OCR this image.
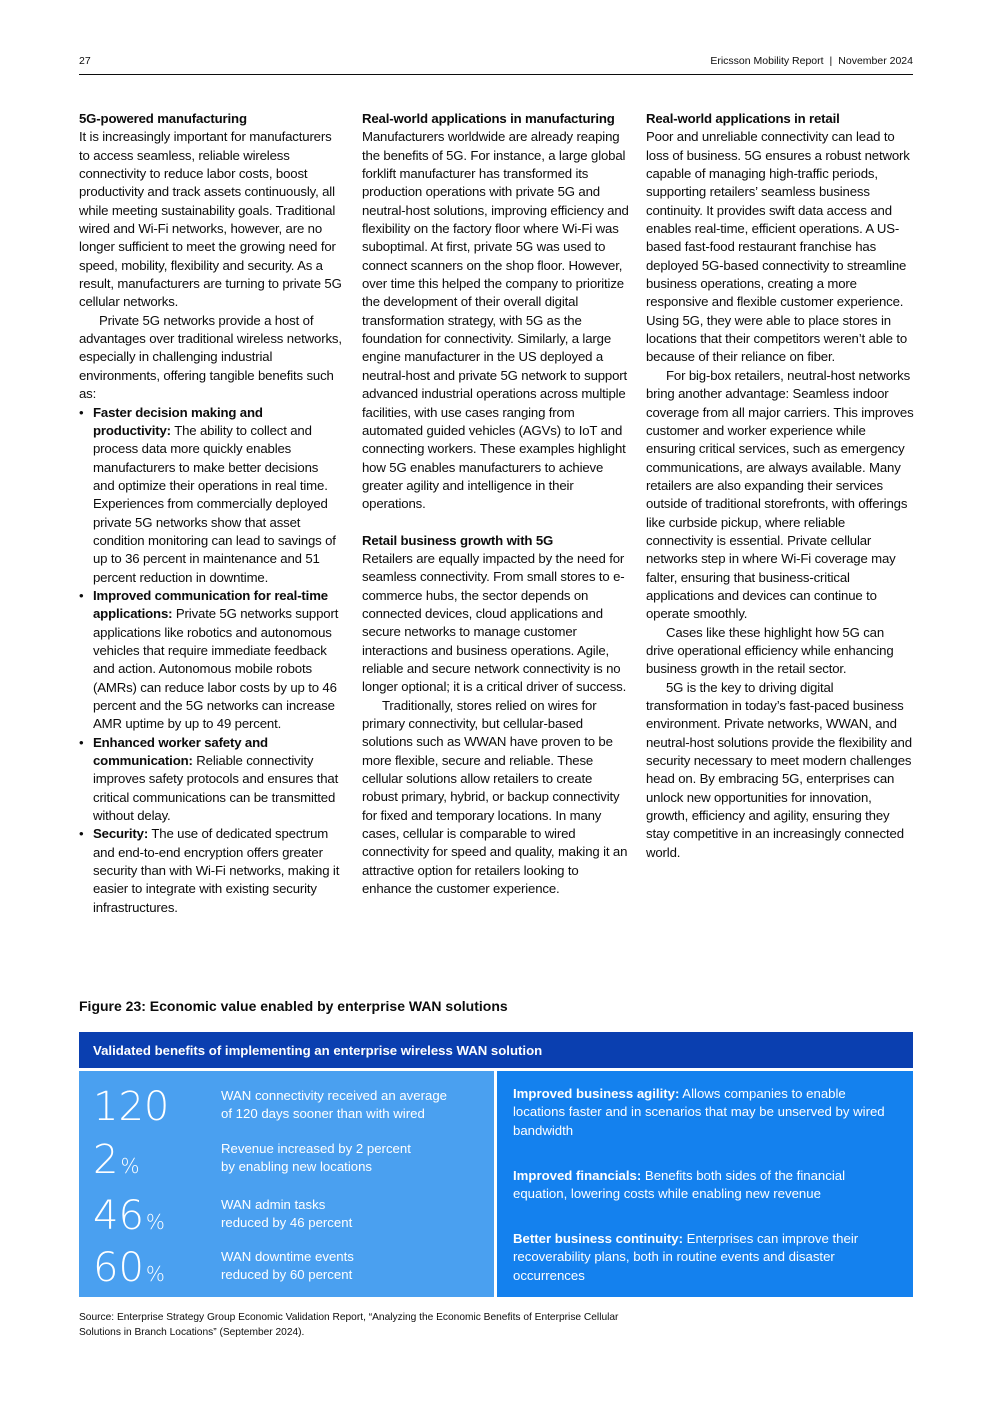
27	Ericsson Mobility Report | November 2024
5G-powered manufacturing

It is increasingly important for manufacturers to access seamless, reliable wireless connectivity to reduce labor costs, boost productivity and track assets continuously, all while meeting sustainability goals. Traditional wired and Wi-Fi networks, however, are no longer sufficient to meet the growing need for speed, mobility, flexibility and security. As a result, manufacturers are turning to private 5G cellular networks.

Private 5G networks provide a host of advantages over traditional wireless networks, especially in challenging industrial environments, offering tangible benefits such as:

• Faster decision making and productivity: The ability to collect and process data more quickly enables manufacturers to make better decisions and optimize their operations in real time. Experiences from commercially deployed private 5G networks show that asset condition monitoring can lead to savings of up to 36 percent in maintenance and 51 percent reduction in downtime.
• Improved communication for real-time applications: Private 5G networks support applications like robotics and autonomous vehicles that require immediate feedback and action. Autonomous mobile robots (AMRs) can reduce labor costs by up to 46 percent and the 5G networks can increase AMR uptime by up to 49 percent.
• Enhanced worker safety and communication: Reliable connectivity improves safety protocols and ensures that critical communications can be transmitted without delay.
• Security: The use of dedicated spectrum and end-to-end encryption offers greater security than with Wi-Fi networks, making it easier to integrate with existing security infrastructures.
Real-world applications in manufacturing

Manufacturers worldwide are already reaping the benefits of 5G. For instance, a large global forklift manufacturer has transformed its production operations with private 5G and neutral-host solutions, improving efficiency and flexibility on the factory floor where Wi-Fi was suboptimal. At first, private 5G was used to connect scanners on the shop floor. However, over time this helped the company to prioritize the development of their overall digital transformation strategy, with 5G as the foundation for connectivity. Similarly, a large engine manufacturer in the US deployed a neutral-host and private 5G network to support advanced industrial operations across multiple facilities, with use cases ranging from automated guided vehicles (AGVs) to IoT and connecting workers. These examples highlight how 5G enables manufacturers to achieve greater agility and intelligence in their operations.

Retail business growth with 5G

Retailers are equally impacted by the need for seamless connectivity. From small stores to e-commerce hubs, the sector depends on connected devices, cloud applications and secure networks to manage customer interactions and business operations. Agile, reliable and secure network connectivity is no longer optional; it is a critical driver of success.

Traditionally, stores relied on wires for primary connectivity, but cellular-based solutions such as WWAN have proven to be more flexible, secure and reliable. These cellular solutions allow retailers to create robust primary, hybrid, or backup connectivity for fixed and temporary locations. In many cases, cellular is comparable to wired connectivity for speed and quality, making it an attractive option for retailers looking to enhance the customer experience.

Real-world applications in retail

Poor and unreliable connectivity can lead to loss of business. 5G ensures a robust network capable of managing high-traffic periods, supporting retailers’ seamless business continuity. It provides swift data access and enables real-time, efficient operations. A US-based fast-food restaurant franchise has deployed 5G-based connectivity to streamline business operations, creating a more responsive and flexible customer experience. Using 5G, they were able to place stores in locations that their competitors weren’t able to because of their reliance on fiber.

For big-box retailers, neutral-host networks bring another advantage: Seamless indoor coverage from all major carriers. This improves customer and worker experience while ensuring critical services, such as emergency communications, are always available. Many retailers are also expanding their services outside of traditional storefronts, with offerings like curbside pickup, where reliable connectivity is essential. Private cellular networks step in where Wi-Fi coverage may falter, ensuring that business-critical applications and devices can continue to operate smoothly.

Cases like these highlight how 5G can drive operational efficiency while enhancing business growth in the retail sector.

5G is the key to driving digital transformation in today’s fast-paced business environment. Private networks, WWAN, and neutral-host solutions provide the flexibility and security necessary to meet modern challenges head on. By embracing 5G, enterprises can unlock new opportunities for innovation, growth, efficiency and agility, ensuring they stay competitive in an increasingly connected world.

Figure 23: Economic value enabled by enterprise WAN solutions
Validated benefits of implementing an enterprise wireless WAN solution
120	WAN connectivity received an average
of 120 days sooner than with wired
2 %
Revenue increased by 2 percent
by enabling new locations
46 %
WAN admin tasks
reduced by 46 percent
60 %
WAN downtime events
reduced by 60 percent
Improved business agility: Allows companies to enable locations faster and in scenarios that may be unserved by wired bandwidth
Improved financials: Benefits both sides of the financial equation, lowering costs while enabling new revenue
Better business continuity: Enterprises can improve their recoverability plans, both in routine events and disaster occurrences
Source: Enterprise Strategy Group Economic Validation Report, “Analyzing the Economic Benefits of Enterprise Cellular Solutions in Branch Locations” (September 2024).
